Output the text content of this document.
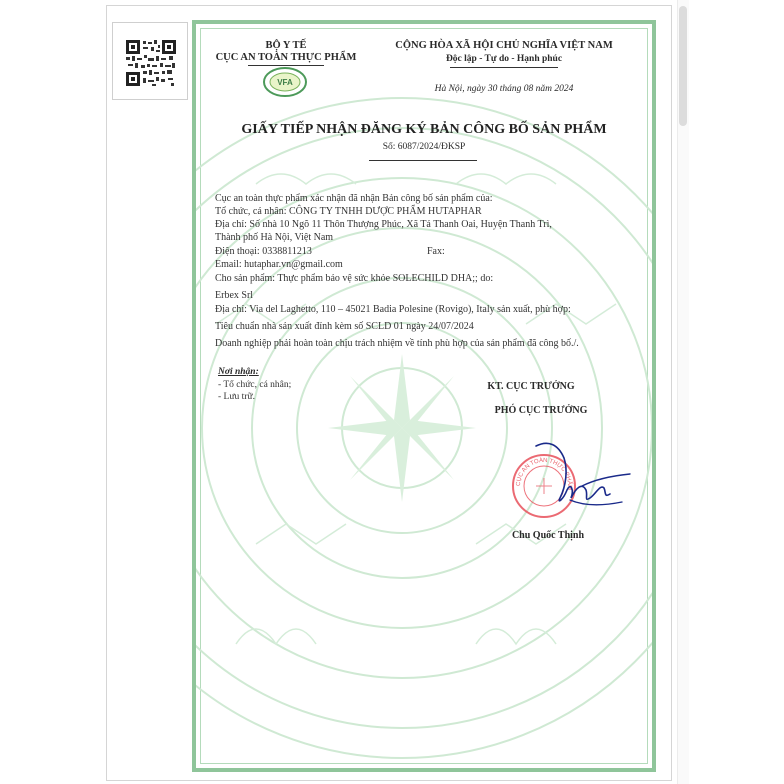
BỘ Y TẾ
CỤC AN TOÀN THỰC PHẨM
VFA
CỘNG HÒA XÃ HỘI CHỦ NGHĨA VIỆT NAM
Độc lập - Tự do - Hạnh phúc
Hà Nội, ngày 30 tháng 08 năm 2024
GIẤY TIẾP NHẬN ĐĂNG KÝ BẢN CÔNG BỐ SẢN PHẨM
Số: 6087/2024/ĐKSP
Cục an toàn thực phẩm xác nhận đã nhận Bản công bố sản phẩm của:
Tổ chức, cá nhân: CÔNG TY TNHH DƯỢC PHẨM HUTAPHAR
Địa chỉ: Số nhà 10 Ngõ 11 Thôn Thượng Phúc, Xã Tả Thanh Oai, Huyện Thanh Trì,
Thành phố Hà Nội, Việt Nam
Điện thoại: 0338811213	Fax:
Email: hutaphar.vn@gmail.com
Cho sản phẩm: Thực phẩm bảo vệ sức khỏe SOLECHILD DHA;; do:
Erbex Srl
Địa chỉ: Via del Laghetto, 110 – 45021 Badia Polesine (Rovigo), Italy sản xuất, phù hợp:
Tiêu chuẩn nhà sản xuất đính kèm số SCLD 01 ngày 24/07/2024
Doanh nghiệp phải hoàn toàn chịu trách nhiệm về tính phù hợp của sản phẩm đã công bố./.
Nơi nhận:
- Tổ chức, cá nhân;
- Lưu trữ.
KT. CỤC TRƯỞNG
PHÓ CỤC TRƯỞNG
CỤC AN TOÀN THỰC PHẨM
Chu Quốc Thịnh
